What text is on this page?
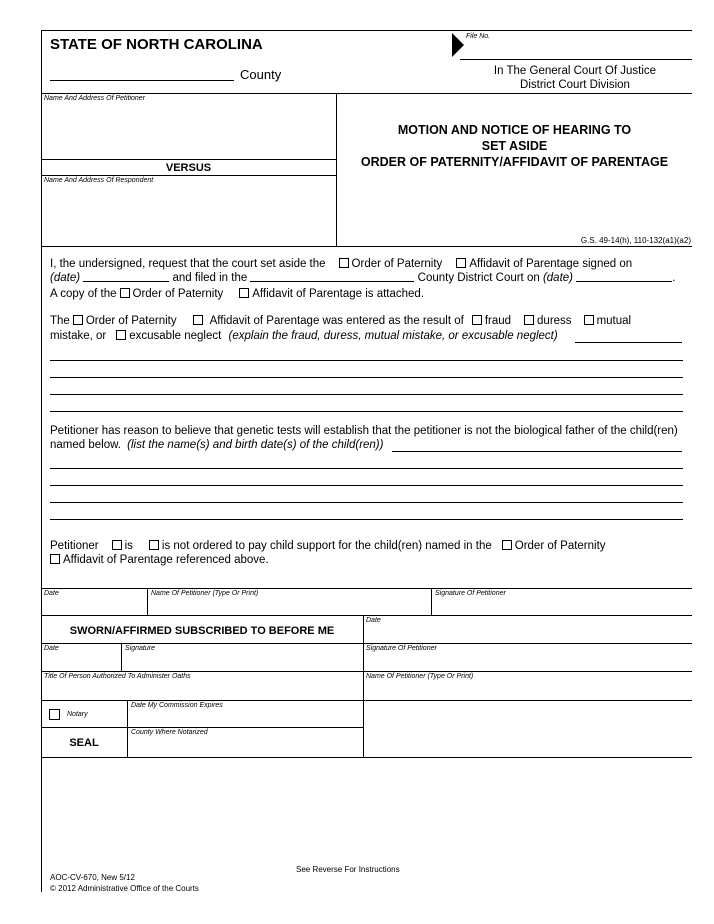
STATE OF NORTH CAROLINA
County
File No.
In The General Court Of Justice
District Court Division
Name And Address Of Petitioner
VERSUS
Name And Address Of Respondent
MOTION AND NOTICE OF HEARING TO
SET ASIDE
ORDER OF PATERNITY/AFFIDAVIT OF PARENTAGE
G.S. 49-14(h), 110-132(a1)(a2)
I, the undersigned, request that the court set aside the Order of Paternity Affidavit of Parentage signed on
(date)	and filed in the	County District Court on (date)	.
A copy of the Order of Paternity	Affidavit of Parentage is attached.
The Order of Paternity	Affidavit of Parentage was entered as the result of fraud duress mutual
mistake, or excusable neglect (explain the fraud, duress, mutual mistake, or excusable neglect)
Petitioner has reason to believe that genetic tests will establish that the petitioner is not the biological father of the child(ren)
named below. (list the name(s) and birth date(s) of the child(ren))
Petitioner is	is not ordered to pay child support for the child(ren) named in the Order of Paternity
Affidavit of Parentage referenced above.
Date	Name Of Petitioner (Type Or Print)	Signature Of Petitioner
SWORN/AFFIRMED SUBSCRIBED TO BEFORE ME
Date
Date	Signature	Signature Of Petitioner
Title Of Person Authorized To Administer Oaths	Name Of Petitioner (Type Or Print)
Notary
Date My Commission Expires
SEAL
County Where Notarized
See Reverse For Instructions
AOC-CV-670, New 5/12
© 2012 Administrative Office of the Courts
